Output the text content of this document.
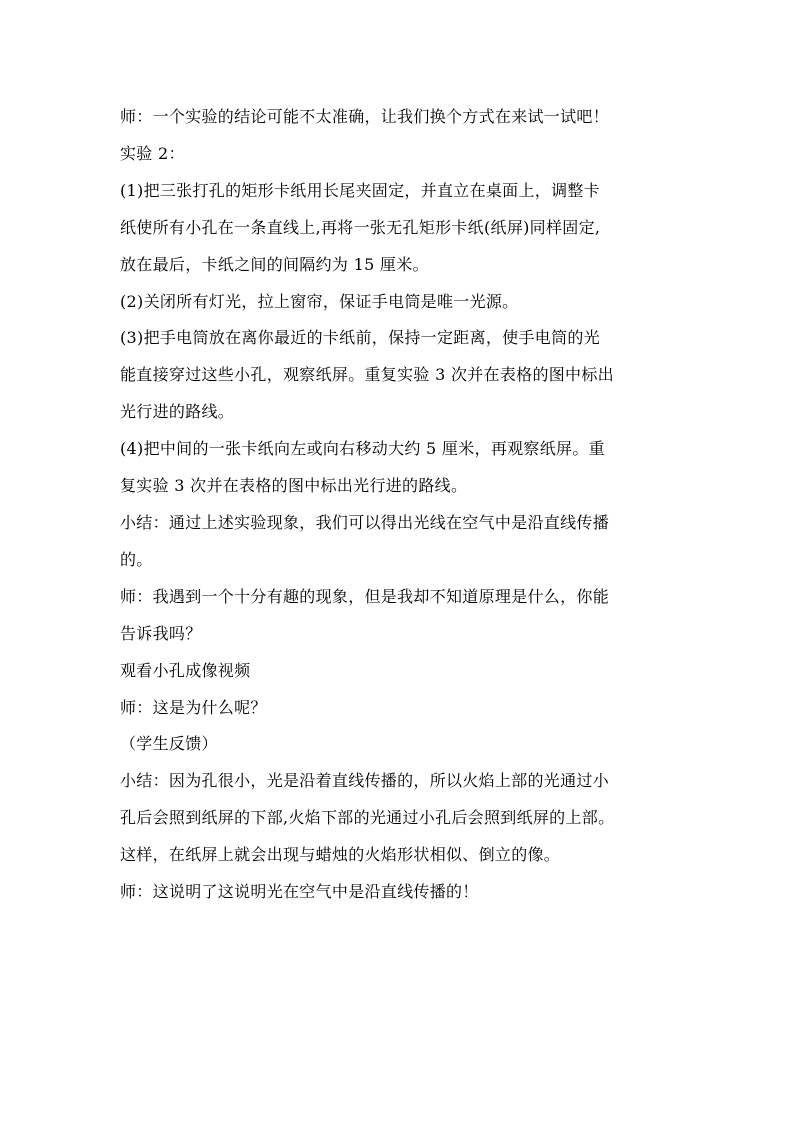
师：一个实验的结论可能不太准确，让我们换个方式在来试一试吧！
实验 2：
(1)把三张打孔的矩形卡纸用长尾夹固定，并直立在桌面上，调整卡
纸使所有小孔在一条直线上,再将一张无孔矩形卡纸(纸屏)同样固定,
放在最后，卡纸之间的间隔约为 15 厘米。
(2)关闭所有灯光，拉上窗帘，保证手电筒是唯一光源。
(3)把手电筒放在离你最近的卡纸前，保持一定距离，使手电筒的光
能直接穿过这些小孔，观察纸屏。重复实验 3 次并在表格的图中标出
光行进的路线。
(4)把中间的一张卡纸向左或向右移动大约 5 厘米，再观察纸屏。重
复实验 3 次并在表格的图中标出光行进的路线。
小结：通过上述实验现象，我们可以得出光线在空气中是沿直线传播
的。
师：我遇到一个十分有趣的现象，但是我却不知道原理是什么，你能
告诉我吗？
观看小孔成像视频
师：这是为什么呢？
（学生反馈）
小结：因为孔很小，光是沿着直线传播的，所以火焰上部的光通过小
孔后会照到纸屏的下部,火焰下部的光通过小孔后会照到纸屏的上部。
这样，在纸屏上就会出现与蜡烛的火焰形状相似、倒立的像。
师：这说明了这说明光在空气中是沿直线传播的！
